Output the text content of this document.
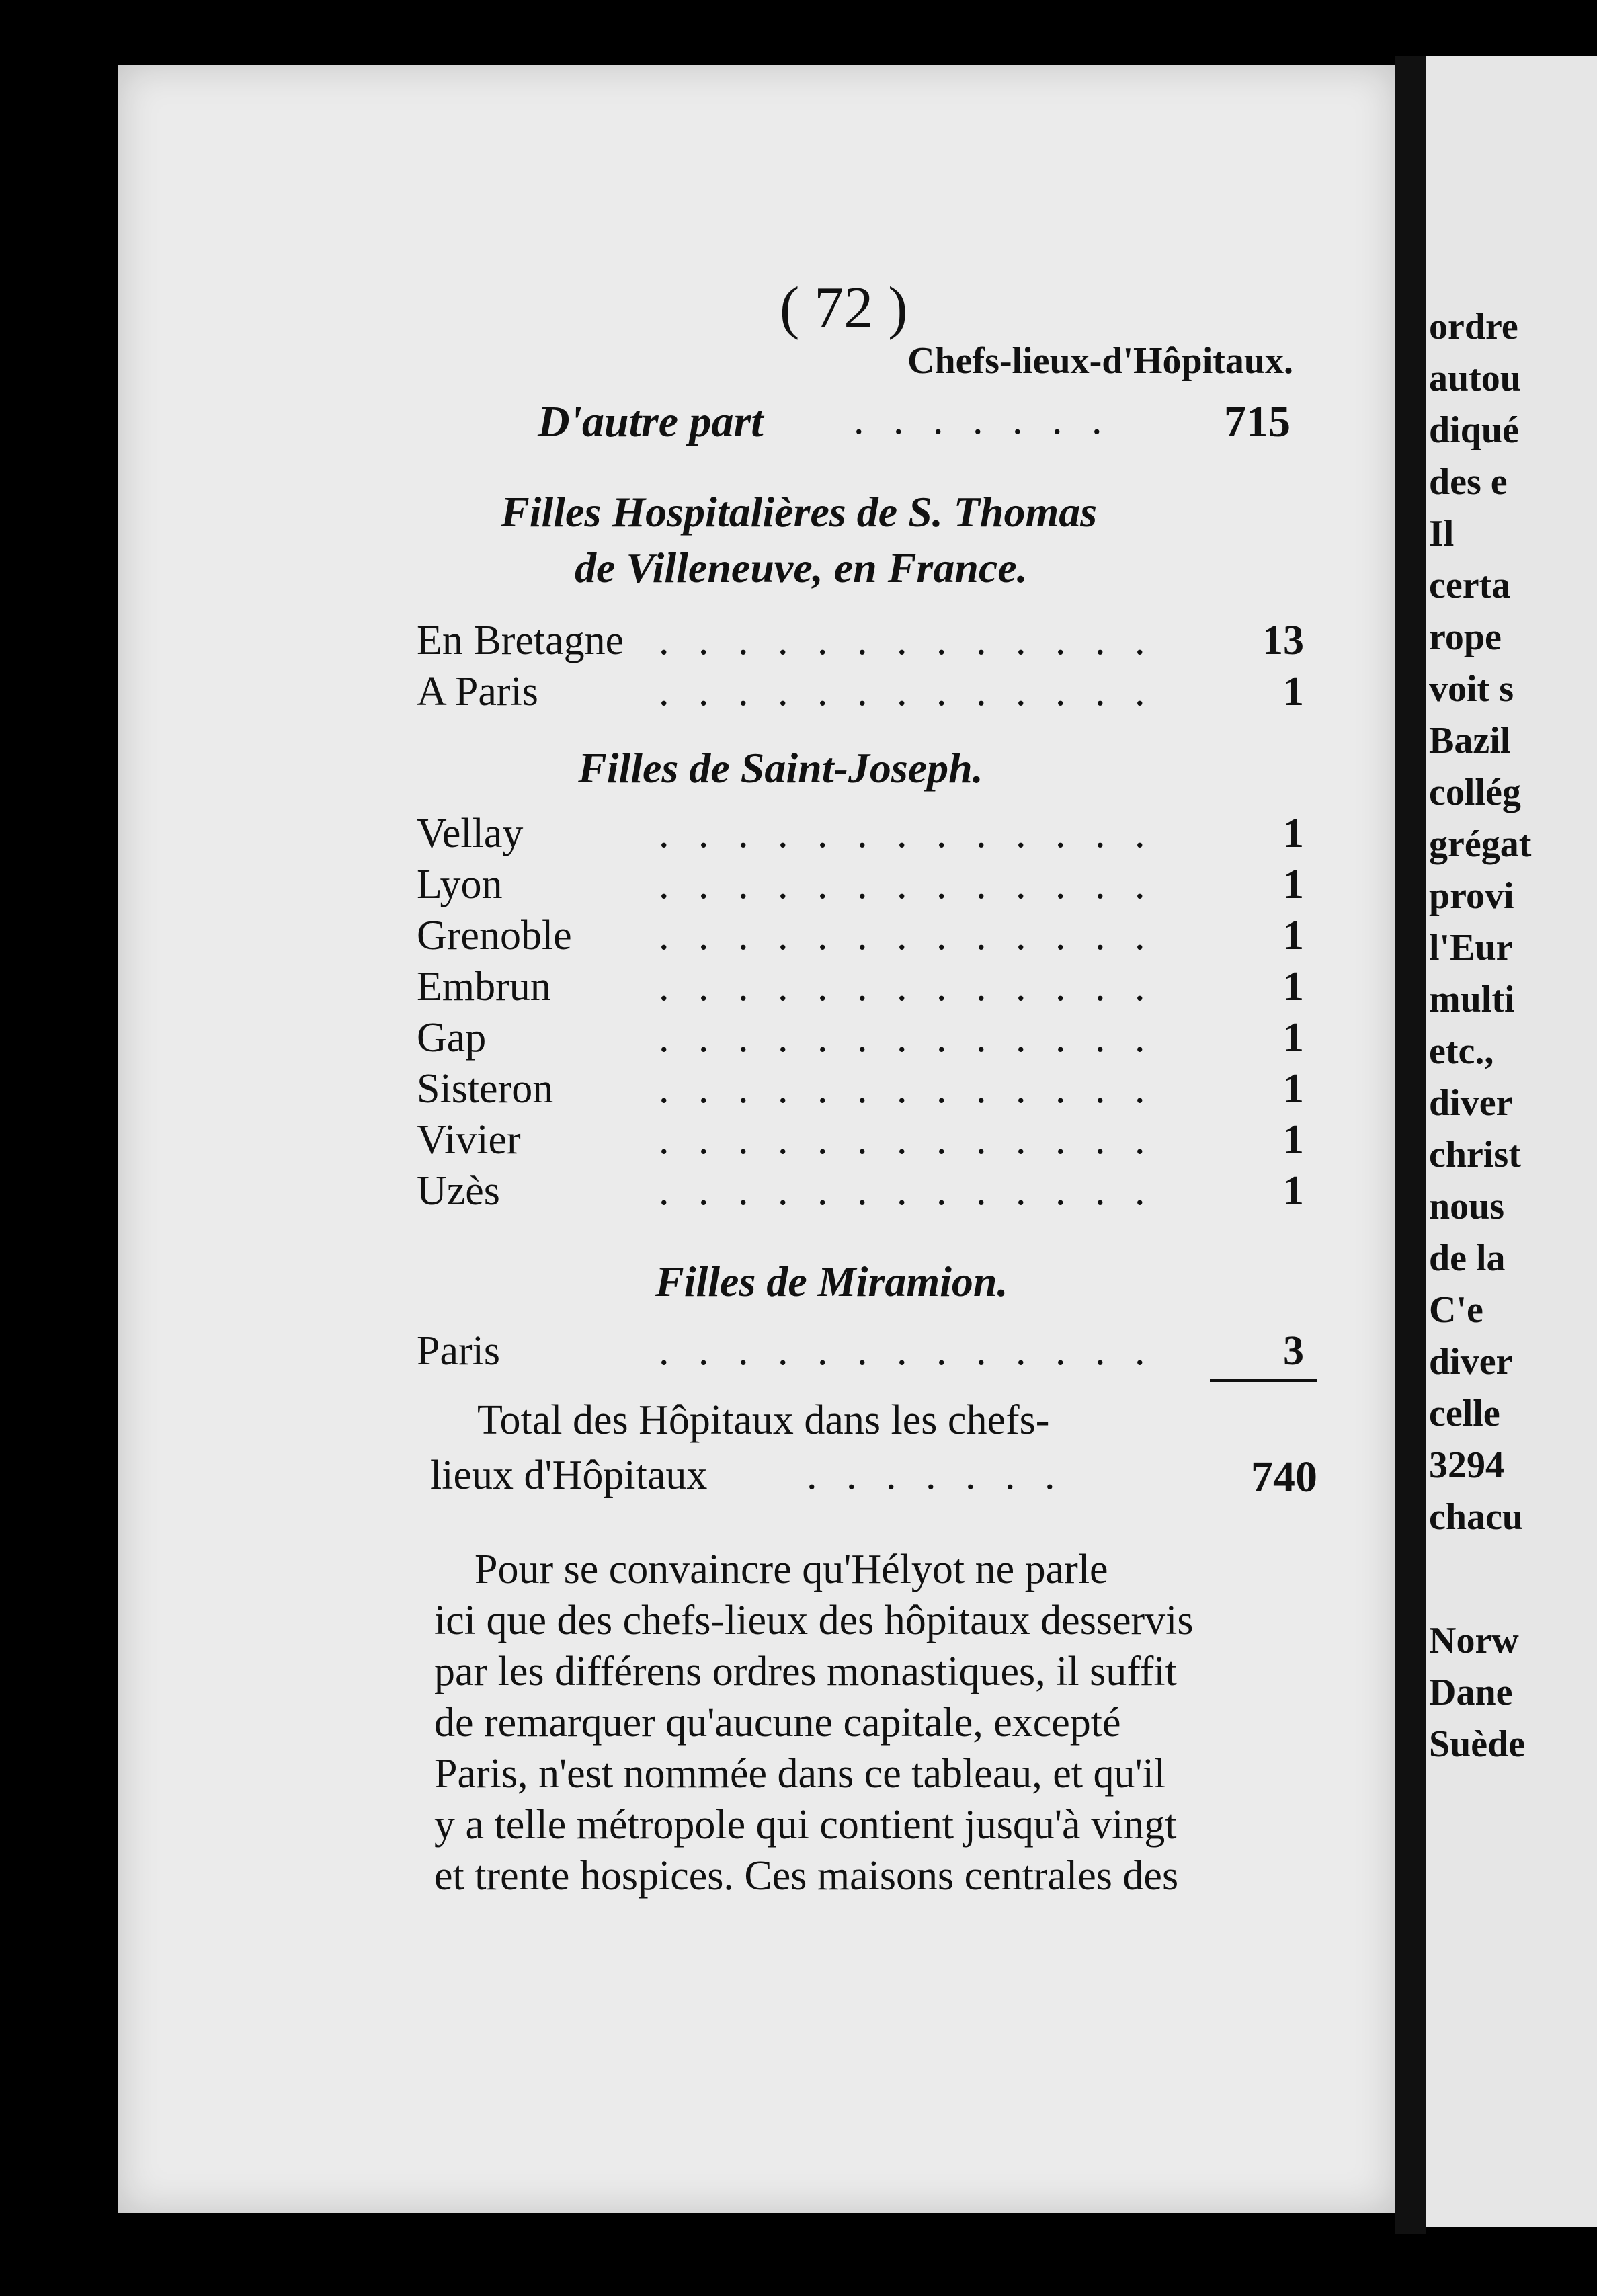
ordre
autou
diqué
des e
Il
certa
rope
voit s
Bazil
collég
grégat
provi
l'Eur
multi
etc.,
diver
christ
nous
de la
C'e
diver
celle
3294
chacu
Norw
Dane
Suède
( 72 )
Chefs-lieux-d'Hôpitaux.
D'autre part . . . . . . .	715
Filles Hospitalières de S. Thomas
de Villeneuve, en France.
En Bretagne . . . . . . . . . . . . .	13
A Paris	. . . . . . . . . . . . .	1
Filles de Saint-Joseph.
Vellay	. . . . . . . . . . . . .	1
Lyon	. . . . . . . . . . . . .	1
Grenoble . . . . . . . . . . . . .	1
Embrun	. . . . . . . . . . . . .	1
Gap	. . . . . . . . . . . . .	1
Sisteron	. . . . . . . . . . . . .	1
Vivier	. . . . . . . . . . . . .	1
Uzès	. . . . . . . . . . . . .	1
Filles de Miramion.
Paris	. . . . . . . . . . . . .	3
Total des Hôpitaux dans les chefs-
lieux d'Hôpitaux . . . . . . .	740
Pour se convaincre qu'Hélyot ne parle
ici que des chefs-lieux des hôpitaux desservis
par les différens ordres monastiques, il suffit
de remarquer qu'aucune capitale, excepté
Paris, n'est nommée dans ce tableau, et qu'il
y a telle métropole qui contient jusqu'à vingt
et trente hospices. Ces maisons centrales des
